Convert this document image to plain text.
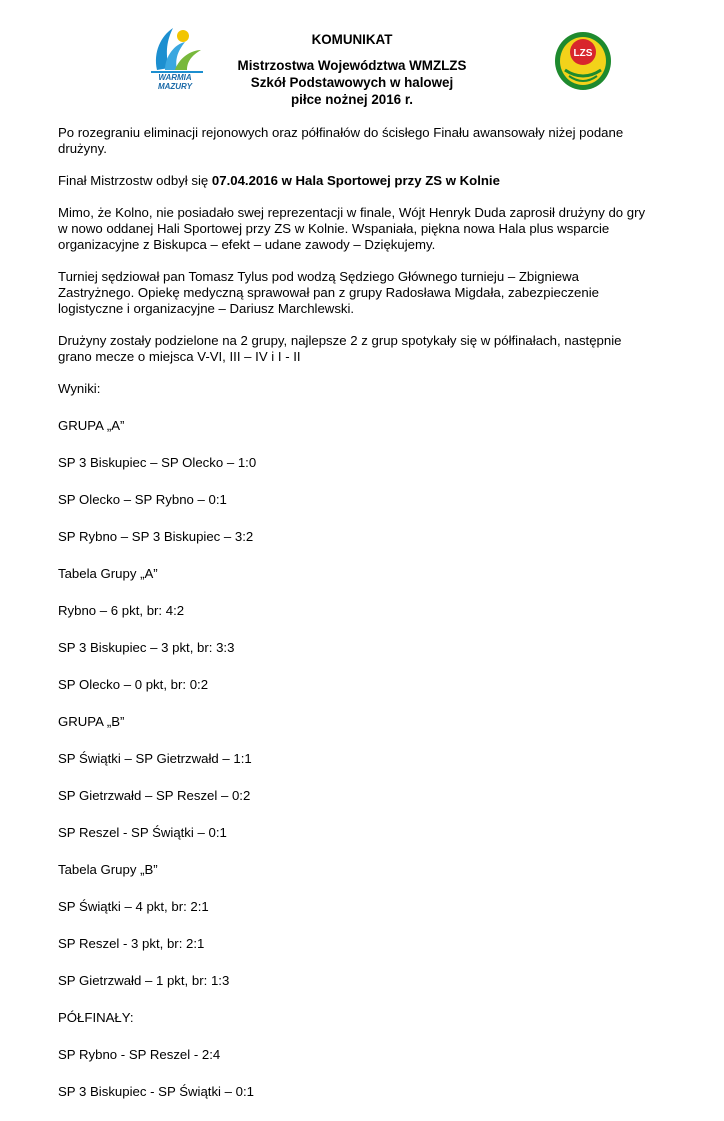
WARMIA
MAZURY
KOMUNIKAT
Mistrzostwa Województwa WMZLZS
Szkół Podstawowych w halowej
piłce nożnej 2016 r.
LZS

Po rozegraniu eliminacji rejonowych oraz półfinałów do ścisłego Finału awansowały niżej podane drużyny.

Finał Mistrzostw odbył się 07.04.2016 w Hala Sportowej przy ZS w Kolnie

Mimo, że Kolno, nie posiadało swej reprezentacji w finale, Wójt Henryk Duda zaprosił drużyny do gry w nowo oddanej Hali Sportowej przy ZS w Kolnie. Wspaniała, piękna nowa Hala plus wsparcie organizacyjne z Biskupca – efekt – udane zawody – Dziękujemy.

Turniej sędziował pan Tomasz Tylus pod wodzą Sędziego Głównego turnieju – Zbigniewa Zastryżnego. Opiekę medyczną sprawował pan z grupy Radosława Migdała, zabezpieczenie logistyczne i organizacyjne – Dariusz Marchlewski.

Drużyny zostały podzielone na 2 grupy, najlepsze 2 z grup spotykały się w półfinałach, następnie grano mecze o miejsca V-VI, III – IV i I - II

Wyniki:

GRUPA „A”

SP 3 Biskupiec – SP Olecko – 1:0

SP Olecko – SP Rybno – 0:1

SP Rybno – SP 3 Biskupiec – 3:2

Tabela Grupy „A”

Rybno – 6 pkt, br: 4:2

SP 3 Biskupiec – 3 pkt, br: 3:3

SP Olecko – 0 pkt, br: 0:2

GRUPA „B”

SP Świątki – SP Gietrzwałd – 1:1

SP Gietrzwałd – SP Reszel – 0:2

SP Reszel - SP Świątki – 0:1

Tabela Grupy „B”

SP Świątki – 4 pkt, br: 2:1

SP Reszel - 3 pkt, br: 2:1

SP Gietrzwałd – 1 pkt, br: 1:3

PÓŁFINAŁY:

SP Rybno - SP Reszel - 2:4

SP 3 Biskupiec - SP Świątki – 0:1
